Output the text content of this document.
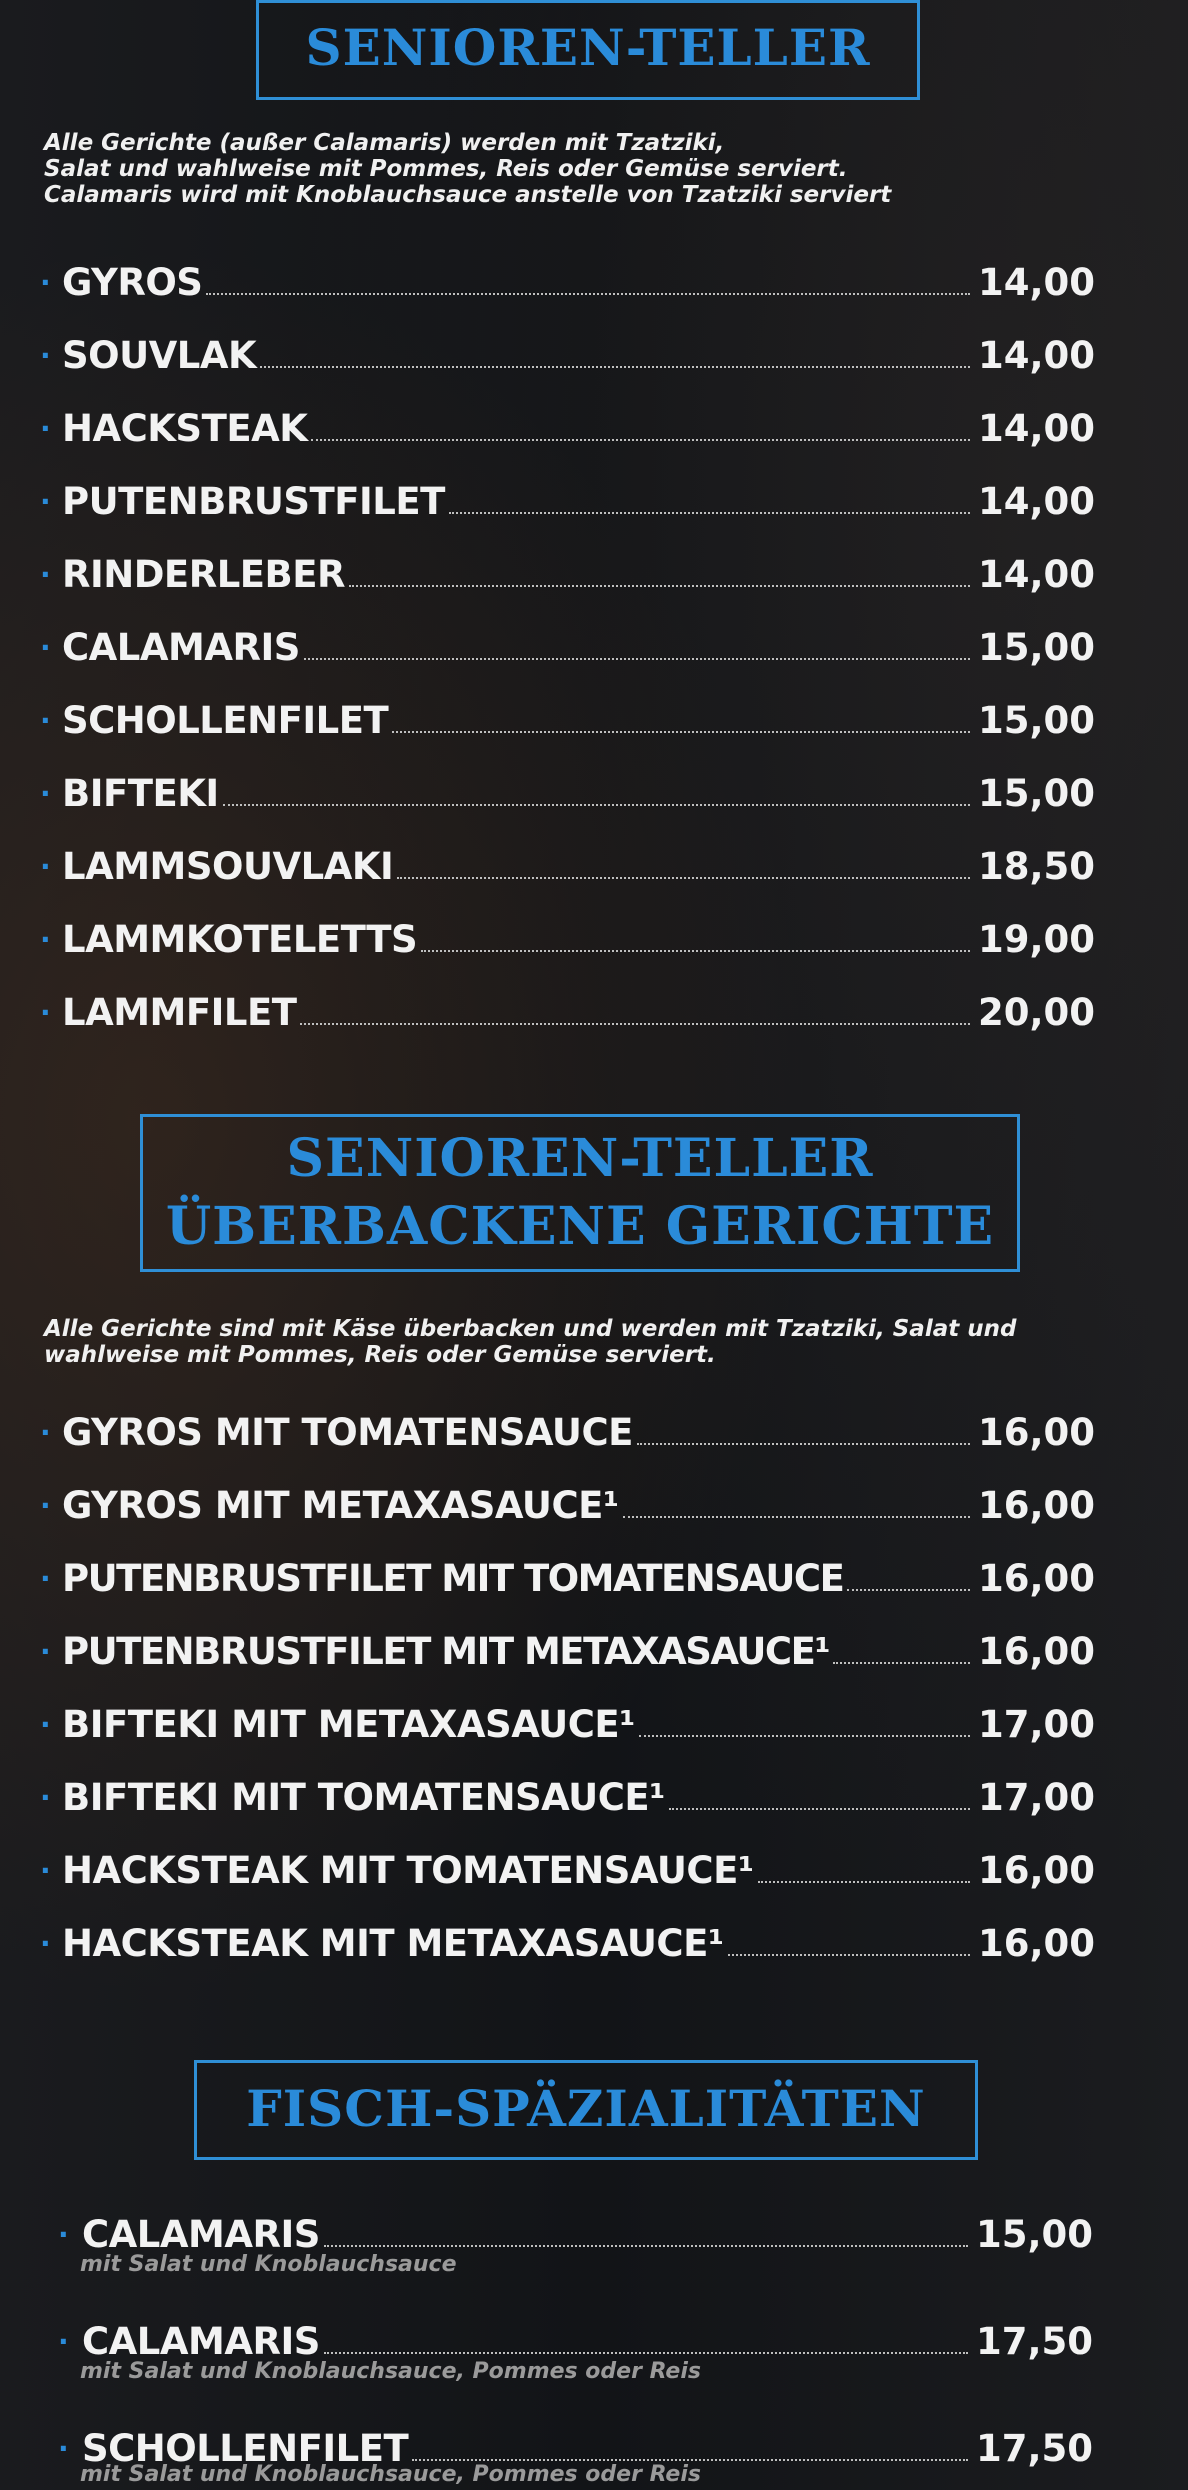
SENIOREN-TELLER
Alle Gerichte (außer Calamaris) werden mit Tzatziki,
Salat und wahlweise mit Pommes, Reis oder Gemüse serviert.
Calamaris wird mit Knoblauchsauce anstelle von Tzatziki serviert
· GYROS	14,00
· SOUVLAK	14,00
· HACKSTEAK	14,00
· PUTENBRUSTFILET	14,00
· RINDERLEBER	14,00
· CALAMARIS	15,00
· SCHOLLENFILET	15,00
· BIFTEKI	15,00
· LAMMSOUVLAKI	18,50
· LAMMKOTELETTS	19,00
· LAMMFILET	20,00
SENIOREN-TELLER
ÜBERBACKENE GERICHTE
Alle Gerichte sind mit Käse überbacken und werden mit Tzatziki, Salat und
wahlweise mit Pommes, Reis oder Gemüse serviert.
· GYROS MIT TOMATENSAUCE	16,00
· GYROS MIT METAXASAUCE¹	16,00
· PUTENBRUSTFILET MIT TOMATENSAUCE	16,00
· PUTENBRUSTFILET MIT METAXASAUCE¹	16,00
· BIFTEKI MIT METAXASAUCE¹	17,00
· BIFTEKI MIT TOMATENSAUCE¹	17,00
· HACKSTEAK MIT TOMATENSAUCE¹	16,00
· HACKSTEAK MIT METAXASAUCE¹	16,00
FISCH-SPÄZIALITÄTEN
· CALAMARIS	15,00
mit Salat und Knoblauchsauce
· CALAMARIS	17,50
mit Salat und Knoblauchsauce, Pommes oder Reis
· SCHOLLENFILET	17,50
mit Salat und Knoblauchsauce, Pommes oder Reis
